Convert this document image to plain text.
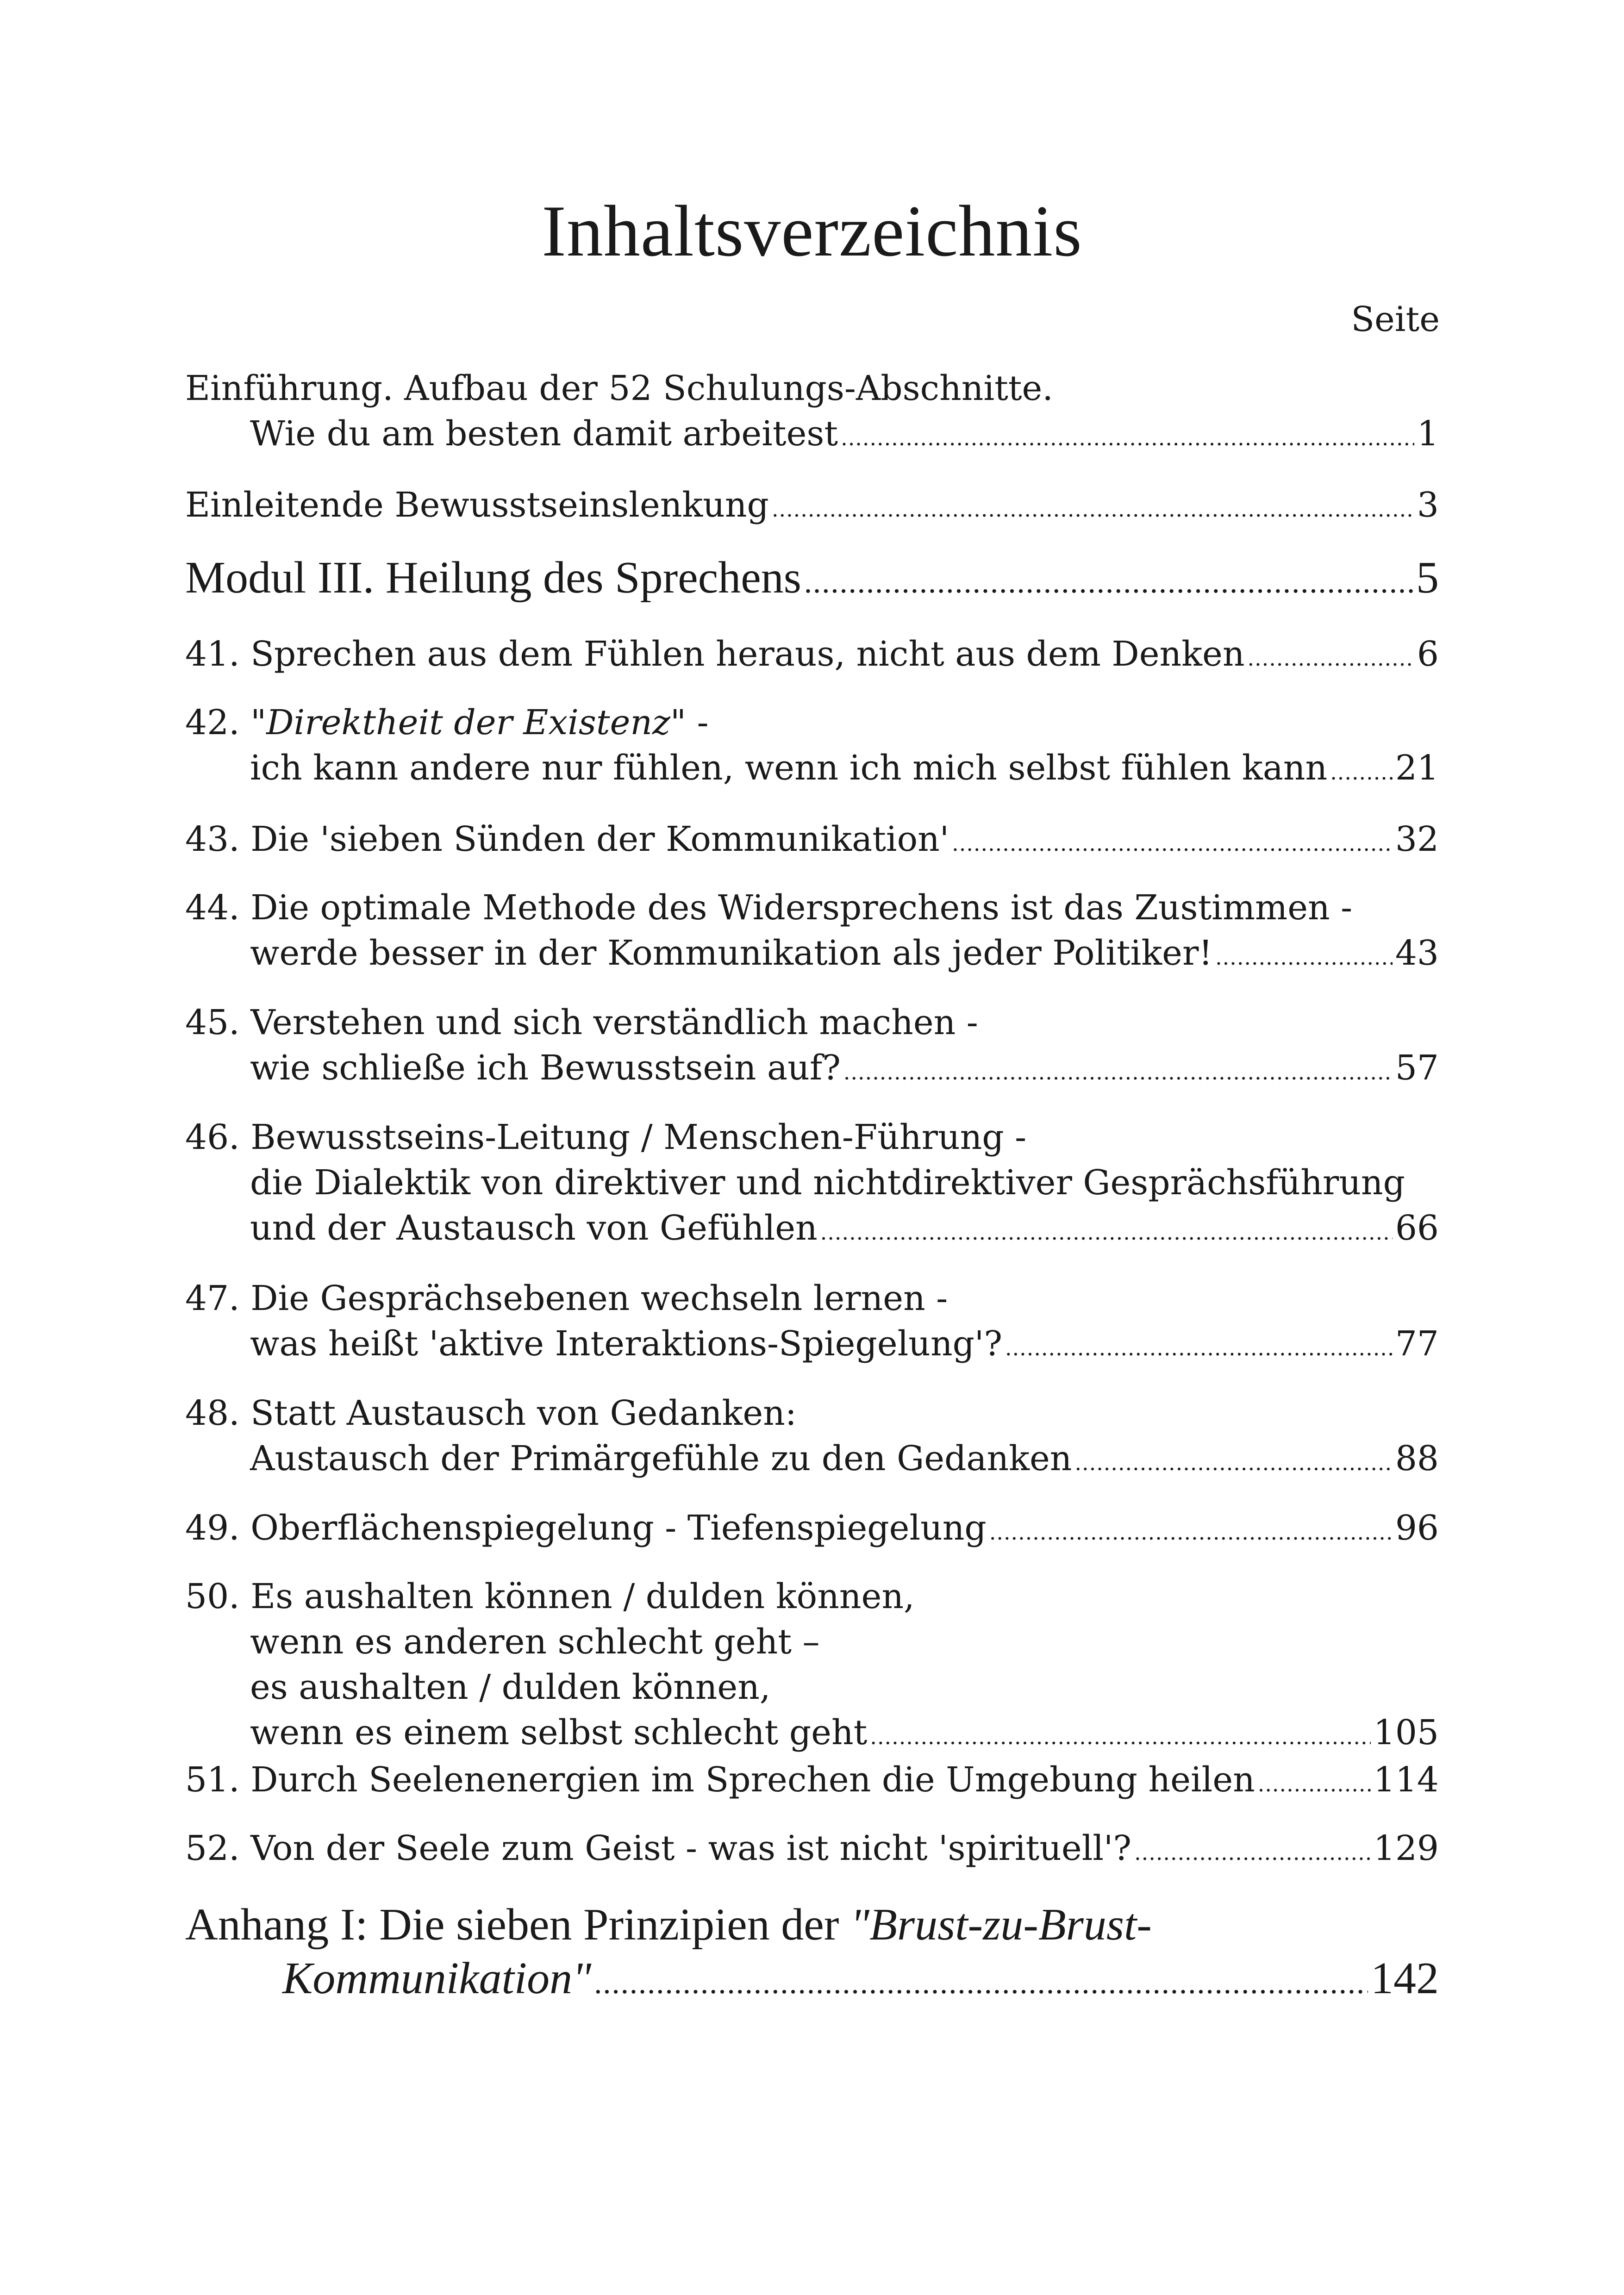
Inhaltsverzeichnis
Seite
Einführung. Aufbau der 52 Schulungs-Abschnitte.
Wie du am besten damit arbeitest .....	1
Einleitende Bewusstseinslenkung .....	3
Modul III. Heilung des Sprechens .....	5
41. Sprechen aus dem Fühlen heraus, nicht aus dem Denken .....	6
42. "Direktheit der Existenz" -
ich kann andere nur fühlen, wenn ich mich selbst fühlen kann ..... 21
43. Die 'sieben Sünden der Kommunikation' .....	32
44. Die optimale Methode des Widersprechens ist das Zustimmen -
werde besser in der Kommunikation als jeder Politiker! .....	43
45. Verstehen und sich verständlich machen -
wie schließe ich Bewusstsein auf? .....	57
46. Bewusstseins-Leitung / Menschen-Führung -
die Dialektik von direktiver und nichtdirektiver Gesprächsführung
und der Austausch von Gefühlen .....	66
47. Die Gesprächsebenen wechseln lernen -
was heißt 'aktive Interaktions-Spiegelung'? .....	77
48. Statt Austausch von Gedanken:
Austausch der Primärgefühle zu den Gedanken .....	88
49. Oberflächenspiegelung - Tiefenspiegelung .....	96
50. Es aushalten können / dulden können,
wenn es anderen schlecht geht –
es aushalten / dulden können,
wenn es einem selbst schlecht geht .....	105
51. Durch Seelenenergien im Sprechen die Umgebung heilen .....	114
52. Von der Seele zum Geist - was ist nicht 'spirituell'? .....	129
Anhang I: Die sieben Prinzipien der "Brust-zu-Brust-
Kommunikation" .....	142
